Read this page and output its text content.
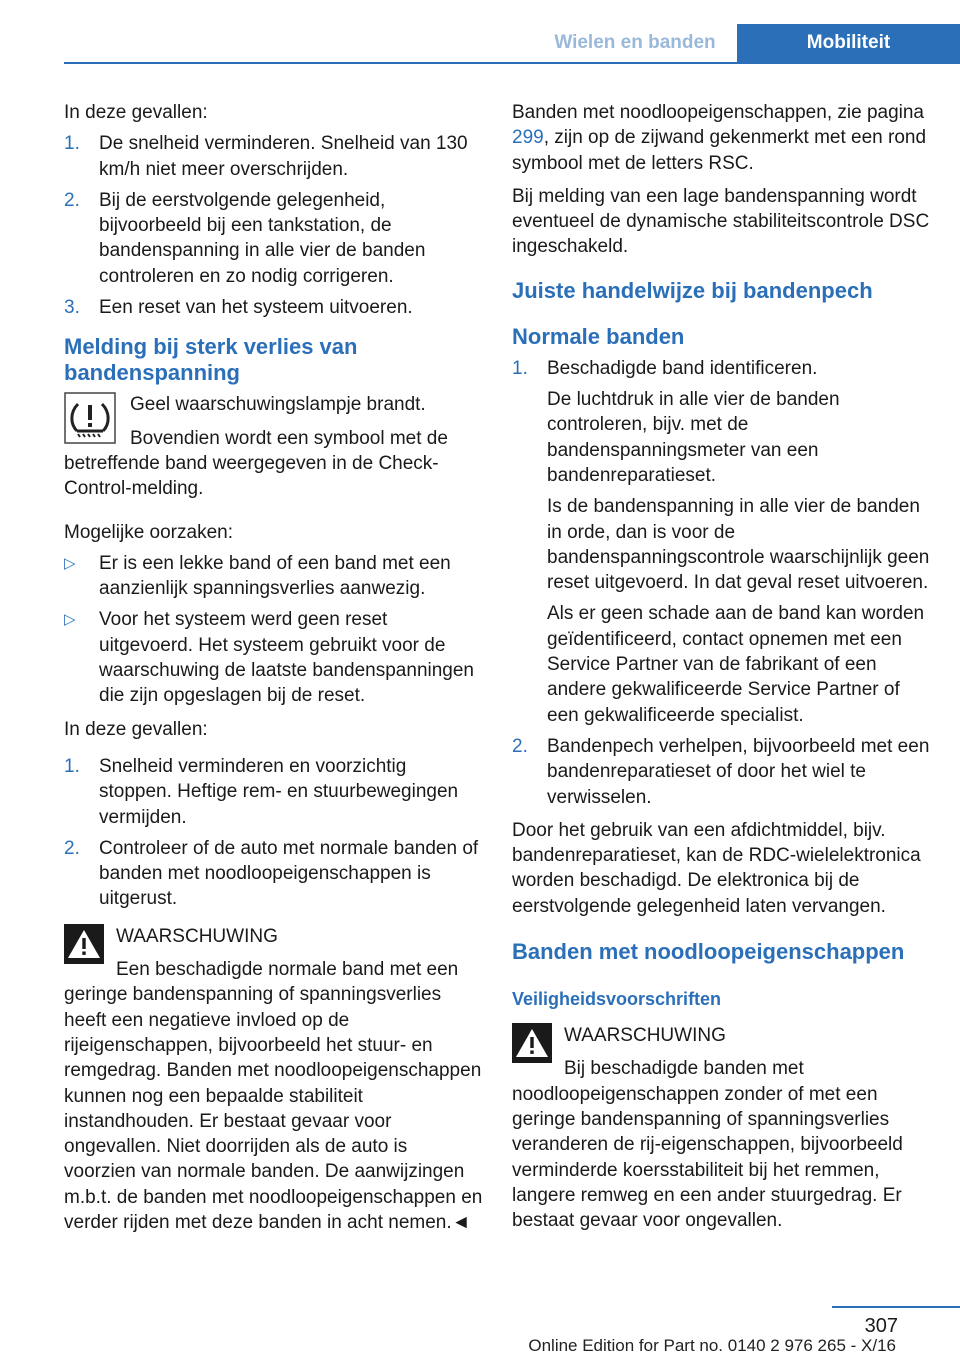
Wielen en banden	Mobiliteit

In deze gevallen:

1.	De snelheid verminderen. Snelheid van 130 km/h niet meer overschrijden.
2.	Bij de eerstvolgende gelegenheid, bijvoorbeeld bij een tankstation, de bandenspanning in alle vier de banden controleren en zo nodig corrigeren.
3.	Een reset van het systeem uitvoeren.
Melding bij sterk verlies van bandenspanning

Geel waarschuwingslampje brandt.

Bovendien wordt een symbool met de betreffende band weergegeven in de Check-Control-melding.

Mogelijke oorzaken:

▷	Er is een lekke band of een band met een aanzienlijk spanningsverlies aanwezig.
▷	Voor het systeem werd geen reset uitgevoerd. Het systeem gebruikt voor de waarschuwing de laatste bandenspanningen die zijn opgeslagen bij de reset.

In deze gevallen:

1.	Snelheid verminderen en voorzichtig stoppen. Heftige rem- en stuurbewegingen vermijden.
2.	Controleer of de auto met normale banden of banden met noodloopeigenschappen is uitgerust.

WAARSCHUWING

Een beschadigde normale band met een geringe bandenspanning of spanningsverlies heeft een negatieve invloed op de rijeigenschappen, bijvoorbeeld het stuur- en remgedrag. Banden met noodloopeigenschappen kunnen nog een bepaalde stabiliteit instandhouden. Er bestaat gevaar voor ongevallen. Niet doorrijden als de auto is voorzien van normale banden. De aanwijzingen m.b.t. de banden met noodloopeigenschappen en verder rijden met deze banden in acht nemen.◄

Banden met noodloopeigenschappen, zie pagina 299, zijn op de zijwand gekenmerkt met een rond symbool met de letters RSC.

Bij melding van een lage bandenspanning wordt eventueel de dynamische stabiliteitscontrole DSC ingeschakeld.

Juiste handelwijze bij bandenpech
Normale banden
1.	Beschadigde band identificeren.

De luchtdruk in alle vier de banden controleren, bijv. met de bandenspanningsmeter van een bandenreparatieset.

Is de bandenspanning in alle vier de banden in orde, dan is voor de bandenspanningscontrole waarschijnlijk geen reset uitgevoerd. In dat geval reset uitvoeren.

Als er geen schade aan de band kan worden geïdentificeerd, contact opnemen met een Service Partner van de fabrikant of een andere gekwalificeerde Service Partner of een gekwalificeerde specialist.

2.	Bandenpech verhelpen, bijvoorbeeld met een bandenreparatieset of door het wiel te verwisselen.

Door het gebruik van een afdichtmiddel, bijv. bandenreparatieset, kan de RDC-wielelektronica worden beschadigd. De elektronica bij de eerstvolgende gelegenheid laten vervangen.

Banden met noodloopeigenschappen
Veiligheidsvoorschriften

WAARSCHUWING

Bij beschadigde banden met noodloopeigenschappen zonder of met een geringe bandenspanning of spanningsverlies veranderen de rij-eigenschappen, bijvoorbeeld verminderde koersstabiliteit bij het remmen, langere remweg en een ander stuurgedrag. Er bestaat gevaar voor ongevallen.

307
Online Edition for Part no. 0140 2 976 265 - X/16
